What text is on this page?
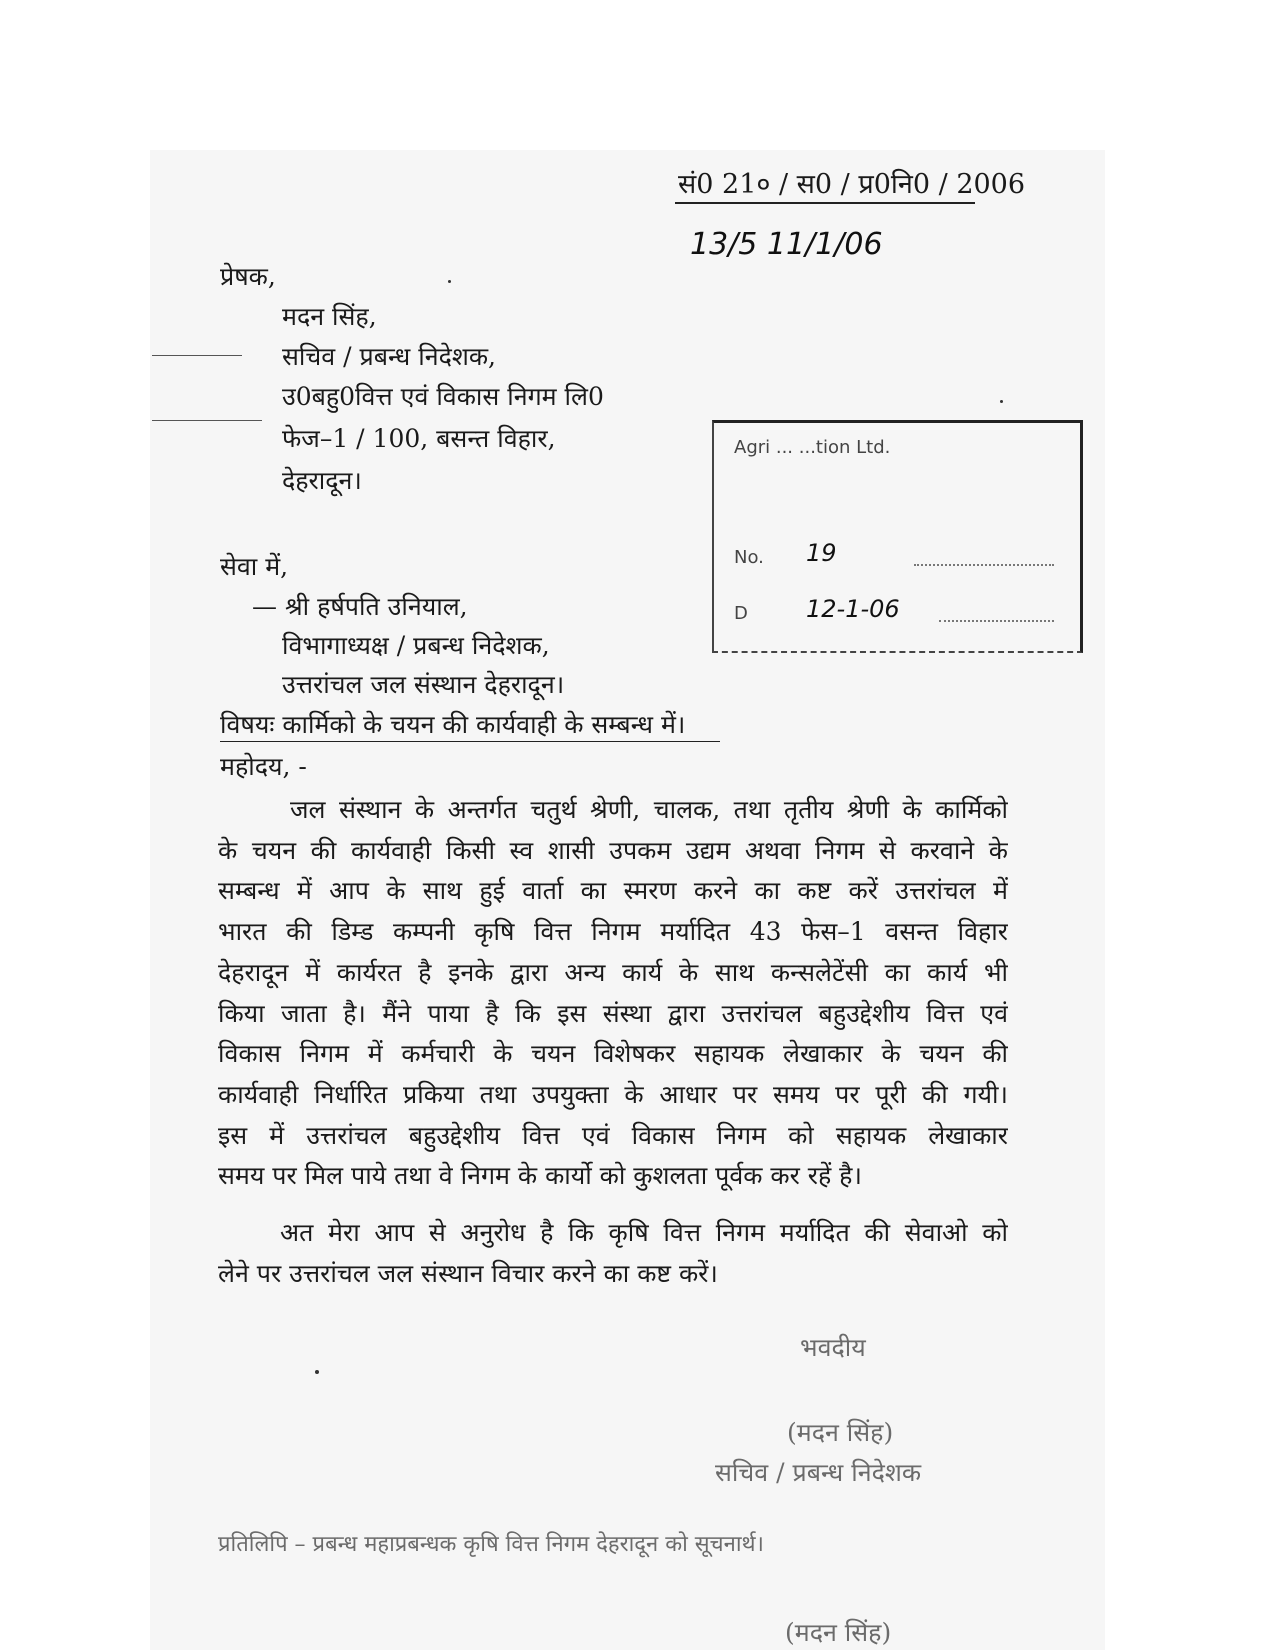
सं0 21० / स0 / प्र0नि0 / 2006
13/5 11/1/06
प्रेषक,
मदन सिंह,
सचिव / प्रबन्ध निदेशक,
उ0बहु0वित्त एवं विकास निगम लि0
फेज–1 / 100, बसन्त विहार,
देहरादून।
Agri ... ...tion Ltd.
No. 19
D 12-1-06
सेवा में,
— श्री हर्षपति उनियाल,
विभागाध्यक्ष / प्रबन्ध निदेशक,
उत्तरांचल जल संस्थान देहरादून।
विषयः कार्मिको के चयन की कार्यवाही के सम्बन्ध में।
महोदय, -
जल संस्थान के अन्तर्गत चतुर्थ श्रेणी, चालक, तथा तृतीय श्रेणी के कार्मिको
के चयन की कार्यवाही किसी स्व शासी उपकम उद्यम अथवा निगम से करवाने के
सम्बन्ध में आप के साथ हुई वार्ता का स्मरण करने का कष्ट करें उत्तरांचल में
भारत की डिम्ड कम्पनी कृषि वित्त निगम मर्यादित 43 फेस–1 वसन्त विहार
देहरादून में कार्यरत है इनके द्वारा अन्य कार्य के साथ कन्सलेटेंसी का कार्य भी
किया जाता है। मैंने पाया है कि इस संस्था द्वारा उत्तरांचल बहुउद्देशीय वित्त एवं
विकास निगम में कर्मचारी के चयन विशेषकर सहायक लेखाकार के चयन की
कार्यवाही निर्धारित प्रकिया तथा उपयुक्ता के आधार पर समय पर पूरी की गयी।
इस में उत्तरांचल बहुउद्देशीय वित्त एवं विकास निगम को सहायक लेखाकार
समय पर मिल पाये तथा वे निगम के कार्यो को कुशलता पूर्वक कर रहें है।
अत मेरा आप से अनुरोध है कि कृषि वित्त निगम मर्यादित की सेवाओ को
लेने पर उत्तरांचल जल संस्थान विचार करने का कष्ट करें।
भवदीय
(मदन सिंह)
सचिव / प्रबन्ध निदेशक
प्रतिलिपि – प्रबन्ध महाप्रबन्धक कृषि वित्त निगम देहरादून को सूचनार्थ।
(मदन सिंह)
